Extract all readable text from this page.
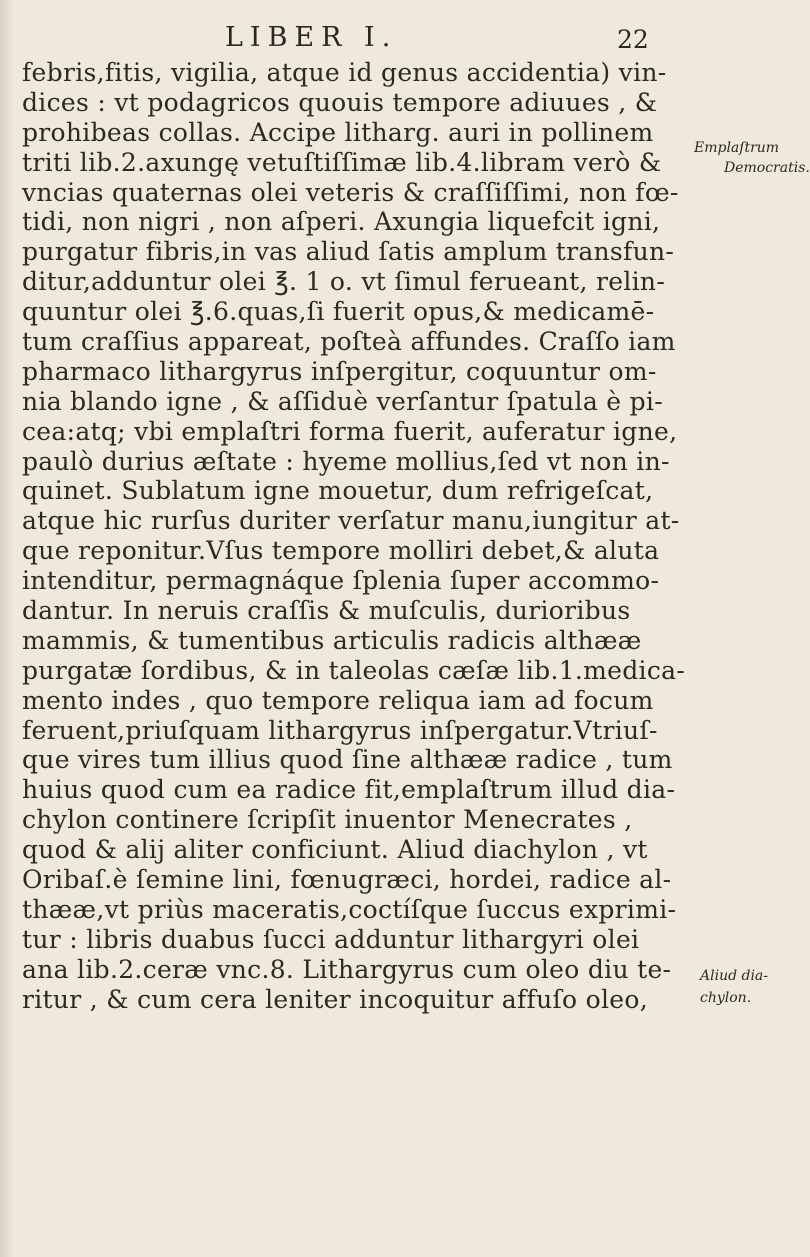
LIBER I.	22
febris,fitis, vigilia, atque id genus accidentia) vin-
dices : vt podagricos quouis tempore adiuues , &
prohibeas collas. Accipe litharg. auri in pollinem
triti lib.2.axungę vetuſtiſſimæ lib.4.libram verò &
vncias quaternas olei veteris & craſſiſſimi, non fœ-
tidi, non nigri , non aſperi. Axungia liquefcit igni,
purgatur fibris,in vas aliud ſatis amplum transfun-
ditur,adduntur olei ℥. 1 o. vt ſimul ferueant, relin-
quuntur olei ℥.6.quas,ſi fuerit opus,& medicamē-
tum craſſius appareat, poſteà affundes. Craſſo iam
pharmaco lithargyrus inſpergitur, coquuntur om-
nia blando igne , & aſſiduè verſantur ſpatula è pi-
cea:atq; vbi emplaſtri forma fuerit, auferatur igne,
paulò durius æſtate : hyeme mollius,ſed vt non in-
quinet. Sublatum igne mouetur, dum refrigeſcat,
atque hic rurſus duriter verſatur manu,iungitur at-
que reponitur.Vſus tempore molliri debet,& aluta
intenditur, permagnáque ſplenia ſuper accommo-
dantur. In neruis craſſis & muſculis, durioribus
mammis, & tumentibus articulis radicis althææ
purgatæ ſordibus, & in taleolas cæſæ lib.1.medica-
mento indes , quo tempore reliqua iam ad focum
feruent,priuſquam lithargyrus inſpergatur.Vtriuſ-
que vires tum illius quod ſine althææ radice , tum
huius quod cum ea radice fit,emplaſtrum illud dia-
chylon continere ſcripſit inuentor Menecrates ,
quod & alij aliter conficiunt. Aliud diachylon , vt
Oribaſ.è ſemine lini, fœnugræci, hordei, radice al-
thææ,vt priùs maceratis,coctíſque ſuccus exprimi-
tur : libris duabus ſucci adduntur lithargyri olei
ana lib.2.ceræ vnc.8. Lithargyrus cum oleo diu te-
ritur , & cum cera leniter incoquitur affuſo oleo,
Emplaſtrum
Democratis.
Aliud dia-
chylon.
